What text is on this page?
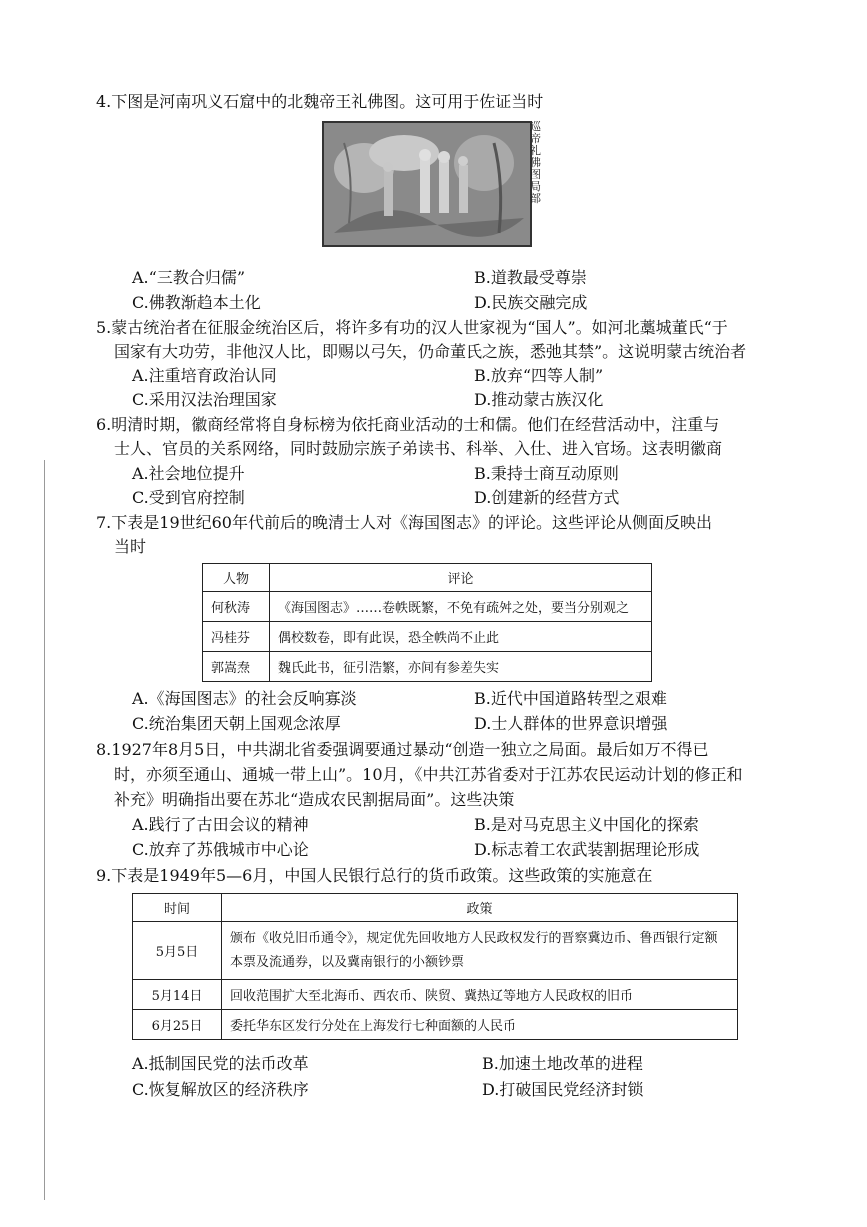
4.下图是河南巩义石窟中的北魏帝王礼佛图。这可用于佐证当时
巡帝礼佛图局部
A.“三教合归儒”	B.道教最受尊崇
C.佛教渐趋本土化	D.民族交融完成
5.蒙古统治者在征服金统治区后，将许多有功的汉人世家视为“国人”。如河北藁城董氏“于
国家有大功劳，非他汉人比，即赐以弓矢，仍命董氏之族，悉弛其禁”。这说明蒙古统治者
A.注重培育政治认同	B.放弃“四等人制”
C.采用汉法治理国家	D.推动蒙古族汉化
6.明清时期，徽商经常将自身标榜为依托商业活动的士和儒。他们在经营活动中，注重与
士人、官员的关系网络，同时鼓励宗族子弟读书、科举、入仕、进入官场。这表明徽商
A.社会地位提升	B.秉持士商互动原则
C.受到官府控制	D.创建新的经营方式
7.下表是19世纪60年代前后的晚清士人对《海国图志》的评论。这些评论从侧面反映出
当时
人物	评论
何秋涛	《海国图志》……卷帙既繁，不免有疏舛之处，要当分别观之
冯桂芬	偶校数卷，即有此误，恐全帙尚不止此
郭嵩焘	魏氏此书，征引浩繁，亦间有参差失实
A.《海国图志》的社会反响寡淡	B.近代中国道路转型之艰难
C.统治集团天朝上国观念浓厚	D.士人群体的世界意识增强
8.1927年8月5日，中共湖北省委强调要通过暴动“创造一独立之局面。最后如万不得已
时，亦须至通山、通城一带上山”。10月，《中共江苏省委对于江苏农民运动计划的修正和
补充》明确指出要在苏北“造成农民割据局面”。这些决策
A.践行了古田会议的精神	B.是对马克思主义中国化的探索
C.放弃了苏俄城市中心论	D.标志着工农武装割据理论形成
9.下表是1949年5—6月，中国人民银行总行的货币政策。这些政策的实施意在
时间	政策
5月5日	颁布《收兑旧币通令》，规定优先回收地方人民政权发行的晋察冀边币、鲁西银行定额本票及流通券，以及冀南银行的小额钞票
5月14日	回收范围扩大至北海币、西农币、陕贸、冀热辽等地方人民政权的旧币
6月25日	委托华东区发行分处在上海发行七种面额的人民币
A.抵制国民党的法币改革	B.加速土地改革的进程
C.恢复解放区的经济秩序	D.打破国民党经济封锁
